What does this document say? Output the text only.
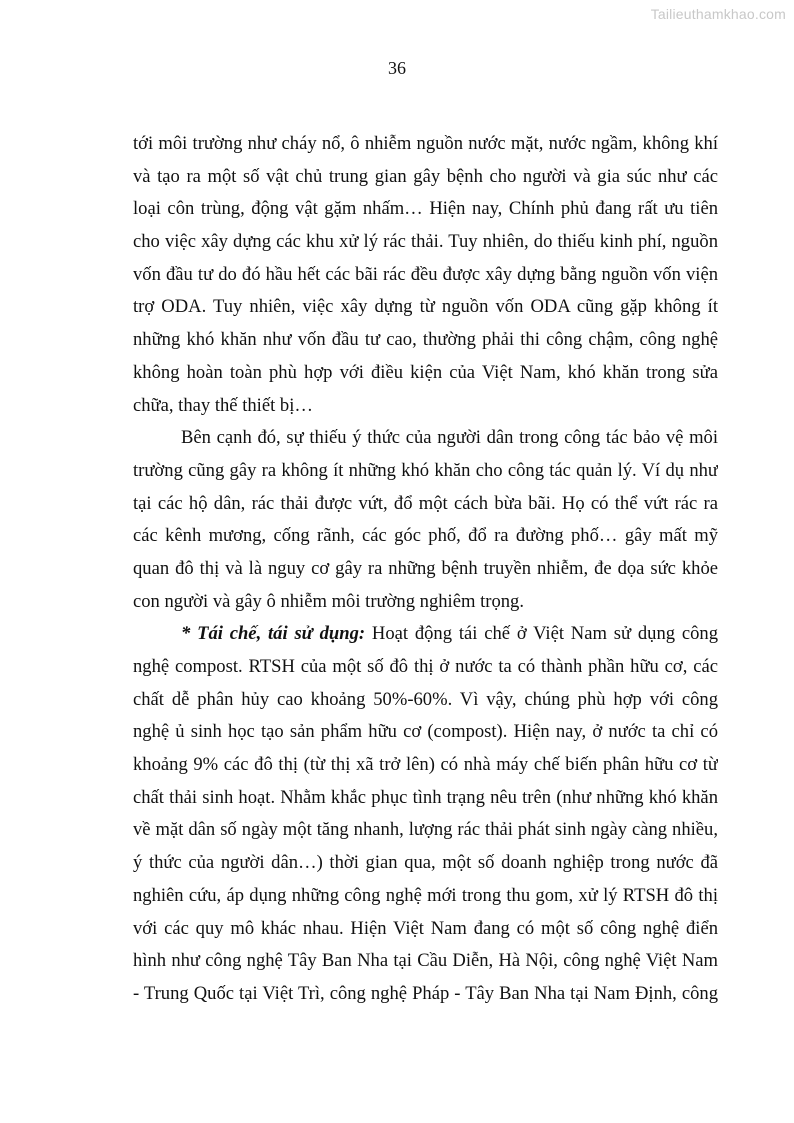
Tailieuthamkhao.com
36
tới môi trường như cháy nổ, ô nhiễm nguồn nước mặt, nước ngầm, không khí
và tạo ra một số vật chủ trung gian gây bệnh cho người và gia súc như các
loại côn trùng, động vật gặm nhấm… Hiện nay, Chính phủ đang rất ưu tiên
cho việc xây dựng các khu xử lý rác thải. Tuy nhiên, do thiếu kinh phí, nguồn
vốn đầu tư do đó hầu hết các bãi rác đều được xây dựng bằng nguồn vốn viện
trợ ODA. Tuy nhiên, việc xây dựng từ nguồn vốn ODA cũng gặp không ít
những khó khăn như vốn đầu tư cao, thường phải thi công chậm, công nghệ
không hoàn toàn phù hợp với điều kiện của Việt Nam, khó khăn trong sửa
chữa, thay thế thiết bị…
Bên cạnh đó, sự thiếu ý thức của người dân trong công tác bảo vệ môi
trường cũng gây ra không ít những khó khăn cho công tác quản lý. Ví dụ như
tại các hộ dân, rác thải được vứt, đổ một cách bừa bãi. Họ có thể vứt rác ra
các kênh mương, cống rãnh, các góc phố, đổ ra đường phố… gây mất mỹ
quan đô thị và là nguy cơ gây ra những bệnh truyền nhiễm, đe dọa sức khỏe
con người và gây ô nhiễm môi trường nghiêm trọng.
* Tái chế, tái sử dụng: Hoạt động tái chế ở Việt Nam sử dụng công
nghệ compost. RTSH của một số đô thị ở nước ta có thành phần hữu cơ, các
chất dễ phân hủy cao khoảng 50%-60%. Vì vậy, chúng phù hợp với công
nghệ ủ sinh học tạo sản phẩm hữu cơ (compost). Hiện nay, ở nước ta chỉ có
khoảng 9% các đô thị (từ thị xã trở lên) có nhà máy chế biến phân hữu cơ từ
chất thải sinh hoạt. Nhằm khắc phục tình trạng nêu trên (như những khó khăn
về mặt dân số ngày một tăng nhanh, lượng rác thải phát sinh ngày càng nhiều,
ý thức của người dân…) thời gian qua, một số doanh nghiệp trong nước đã
nghiên cứu, áp dụng những công nghệ mới trong thu gom, xử lý RTSH đô thị
với các quy mô khác nhau. Hiện Việt Nam đang có một số công nghệ điển
hình như công nghệ Tây Ban Nha tại Cầu Diễn, Hà Nội, công nghệ Việt Nam
- Trung Quốc tại Việt Trì, công nghệ Pháp - Tây Ban Nha tại Nam Định, công
